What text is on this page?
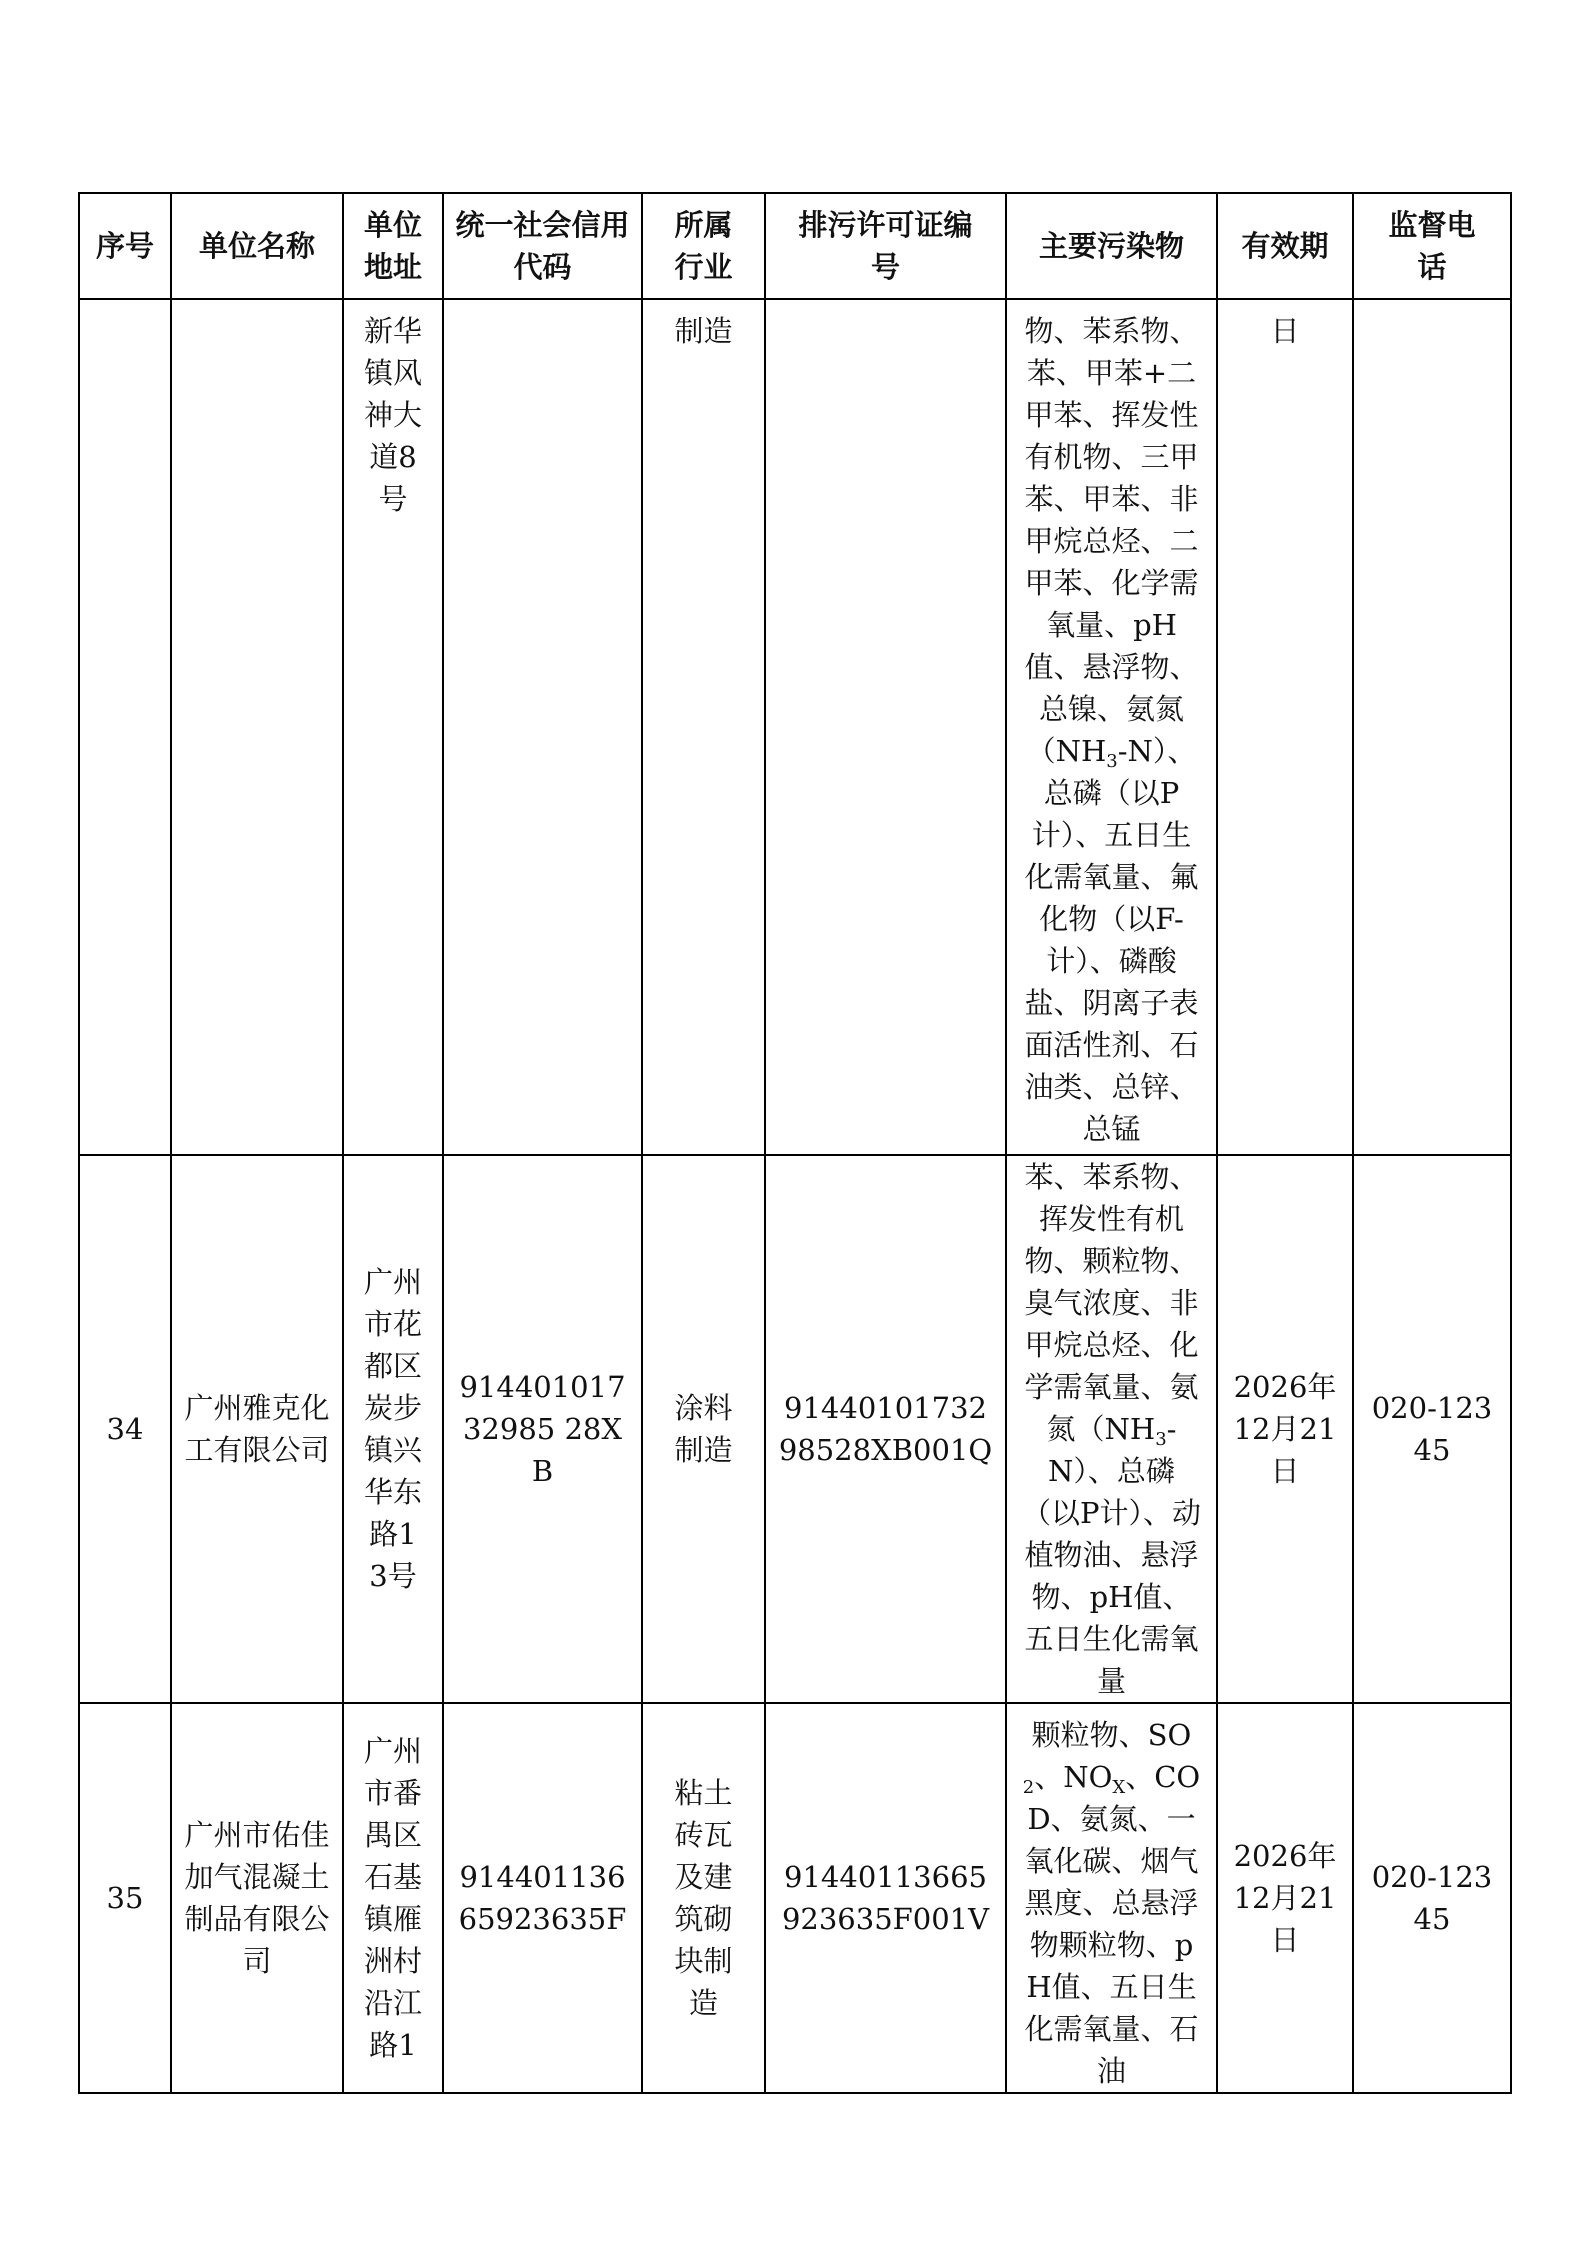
序号	单位名称	单位地址	统一社会信用代码	所属行业	排污许可证编号	主要污染物	有效期	监督电话

		新华镇风神大道8号		制造		物、苯系物、苯、甲苯+二甲苯、挥发性有机物、三甲苯、甲苯、非甲烷总烃、二甲苯、化学需氧量、pH值、悬浮物、总镍、氨氮$(NH_3-N)$、总磷（以P计）、五日生化需氧量、氟化物（以F-计）、磷酸盐、阴离子表面活性剂、石油类、总锌、总锰	日	

34	广州雅克化工有限公司	广州市花都区炭步镇兴华东路13号	91440101732985 28XB	涂料制造	9144010173298528XB001Q	苯、苯系物、挥发性有机物、颗粒物、臭气浓度、非甲烷总烃、化学需氧量、氨氮$(NH_3-N)$、总磷（以P计）、动植物油、悬浮物、pH值、五日生化需氧量	2026年12月21日	020-12345

35	广州市佑佳加气混凝土制品有限公司	广州市番禺区石基镇雁洲村沿江路1	91440113665923635F	粘土砖瓦及建筑砌块制造	91440113665923635F001V	颗粒物、$SO_2$、$NO_X$、COD、氨氮、一氧化碳、烟气黑度、总悬浮物颗粒物、pH值、五日生化需氧量、石油	2026年12月21日	020-12345
